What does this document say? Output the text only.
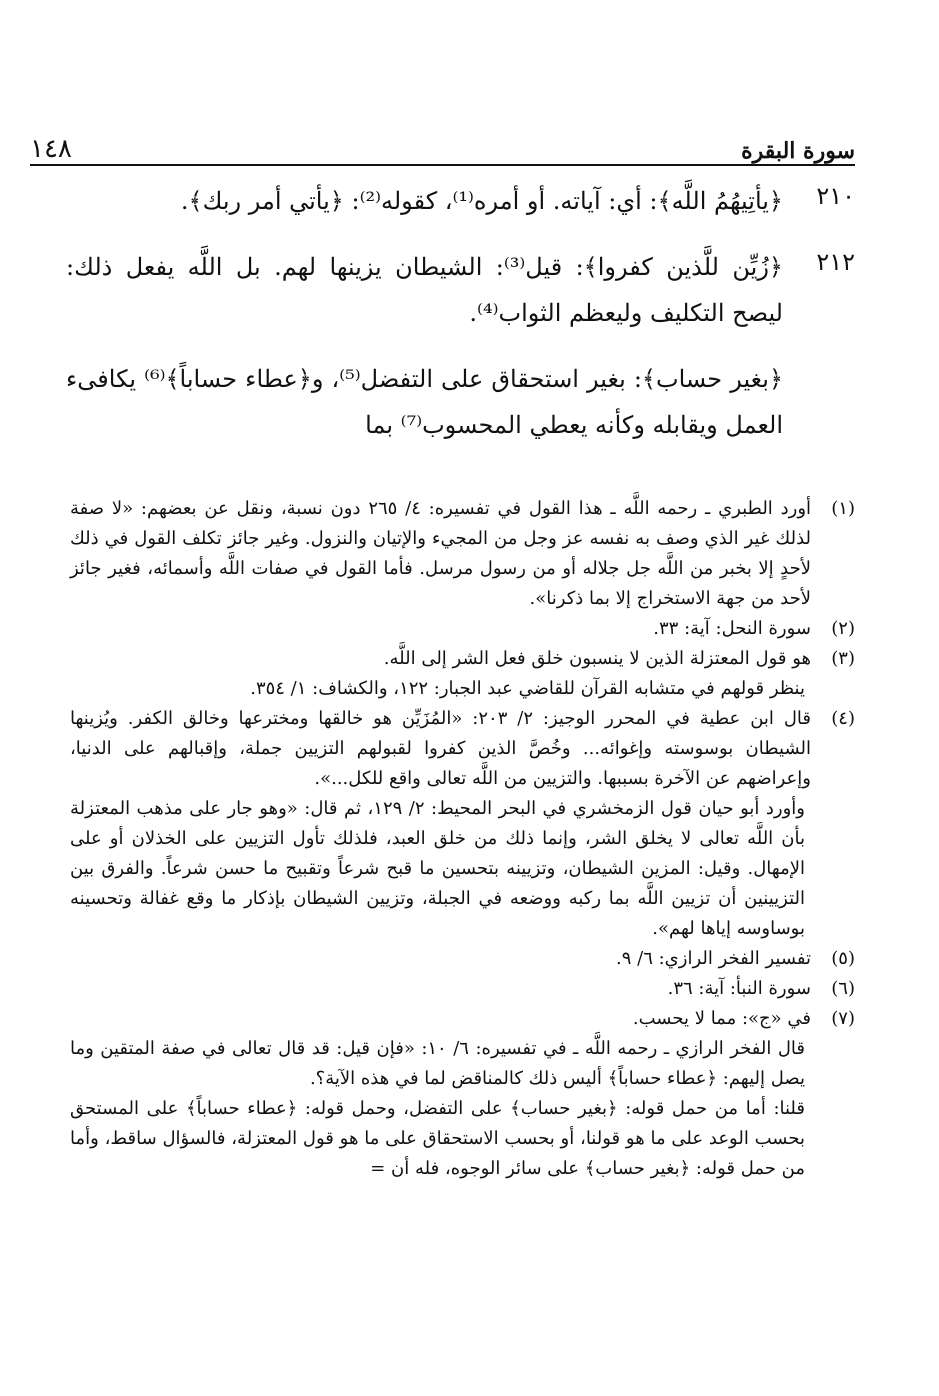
سورة البقرة
١٤٨
٢١٠
﴿يأتِيهُمُ اللَّه﴾: أي: آياته. أو أمره⁽¹⁾، كقوله⁽²⁾: ﴿يأتي أمر ربك﴾.
٢١٢
﴿زُيِّن للَّذين كفروا﴾: قيل⁽³⁾: الشيطان يزينها لهم. بل اللَّه يفعل ذلك: ليصح التكليف وليعظم الثواب⁽⁴⁾.
﴿بغير حساب﴾: بغير استحقاق على التفضل⁽⁵⁾، و﴿عطاء حساباً﴾⁽⁶⁾ يكافىء العمل ويقابله وكأنه يعطي المحسوب⁽⁷⁾ بما
(١)

أورد الطبري ـ رحمه اللَّه ـ هذا القول في تفسيره: ٤/ ٢٦٥ دون نسبة، ونقل عن بعضهم: «لا صفة لذلك غير الذي وصف به نفسه عز وجل من المجيء والإتيان والنزول. وغير جائز تكلف القول في ذلك لأحدٍ إلا بخبر من اللَّه جل جلاله أو من رسول مرسل. فأما القول في صفات اللَّه وأسمائه، فغير جائز لأحد من جهة الاستخراج إلا بما ذكرنا».

(٢)

سورة النحل: آية: ٣٣.

(٣)

هو قول المعتزلة الذين لا ينسبون خلق فعل الشر إلى اللَّه.

ينظر قولهم في متشابه القرآن للقاضي عبد الجبار: ١٢٢، والكشاف: ١/ ٣٥٤.

(٤)

قال ابن عطية في المحرر الوجيز: ٢/ ٢٠٣: «المُزَيِّن هو خالقها ومخترعها وخالق الكفر. ويُزينها الشيطان بوسوسته وإغوائه... وخُصَّ الذين كفروا لقبولهم التزيين جملة، وإقبالهم على الدنيا، وإعراضهم عن الآخرة بسببها. والتزيين من اللَّه تعالى واقع للكل...».

وأورد أبو حيان قول الزمخشري في البحر المحيط: ٢/ ١٢٩، ثم قال: «وهو جار على مذهب المعتزلة بأن اللَّه تعالى لا يخلق الشر، وإنما ذلك من خلق العبد، فلذلك تأول التزيين على الخذلان أو على الإمهال. وقيل: المزين الشيطان، وتزيينه بتحسين ما قبح شرعاً وتقبيح ما حسن شرعاً. والفرق بين التزيينين أن تزيين اللَّه بما ركبه ووضعه في الجبلة، وتزيين الشيطان بإذكار ما وقع غفالة وتحسينه بوساوسه إياها لهم».

(٥)

تفسير الفخر الرازي: ٦/ ٩.

(٦)

سورة النبأ: آية: ٣٦.

(٧)

في «ج»: مما لا يحسب.

قال الفخر الرازي ـ رحمه اللَّه ـ في تفسيره: ٦/ ١٠: «فإن قيل: قد قال تعالى في صفة المتقين وما يصل إليهم: ﴿عطاء حساباً﴾ أليس ذلك كالمناقض لما في هذه الآية؟.

قلنا: أما من حمل قوله: ﴿بغير حساب﴾ على التفضل، وحمل قوله: ﴿عطاء حساباً﴾ على المستحق بحسب الوعد على ما هو قولنا، أو بحسب الاستحقاق على ما هو قول المعتزلة، فالسؤال ساقط، وأما من حمل قوله: ﴿بغير حساب﴾ على سائر الوجوه، فله أن =
